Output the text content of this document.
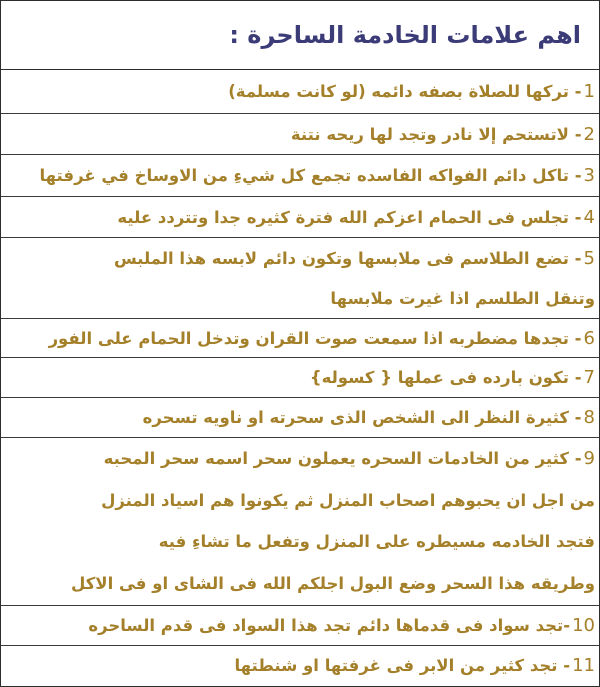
اهم علامات الخادمة الساحرة :
1
- تركها للصلاة بصفه دائمه (لو كانت مسلمة)
2
- لاتستحم إلا نادر وتجد لها ريحه نتنة
3
- تاكل دائم الفواكه الفاسده تجمع كل شيءِ من الاوساخ في غرفتها
4
- تجلس فى الحمام اعزكم الله فترة كثيره جدا وتتردد عليه
5
- تضع الطلاسم فى ملابسها وتكون دائم لابسه هذا الملبس
وتنقل الطلسم اذا غيرت ملابسها
6
- تجدها مضطربه اذا سمعت صوت القران وتدخل الحمام على الفور
7
- تكون بارده فى عملها { كسوله}
8
- كثيرة النظر الى الشخص الذى سحرته او ناويه تسحره
9
- كثير من الخادمات السحره يعملون سحر اسمه سحر المحبه
من اجل ان يحبوهم اصحاب المنزل ثم يكونوا هم اسياد المنزل
فتجد الخادمه مسيطره على المنزل وتفعل ما تشاءِ فيه
وطريقه هذا السحر وضع البول اجلكم الله فى الشاى او فى الاكل
10
-تجد سواد فى قدماها دائم تجد هذا السواد فى قدم الساحره
11
- تجد كثير من الابر فى غرفتها او شنطتها
